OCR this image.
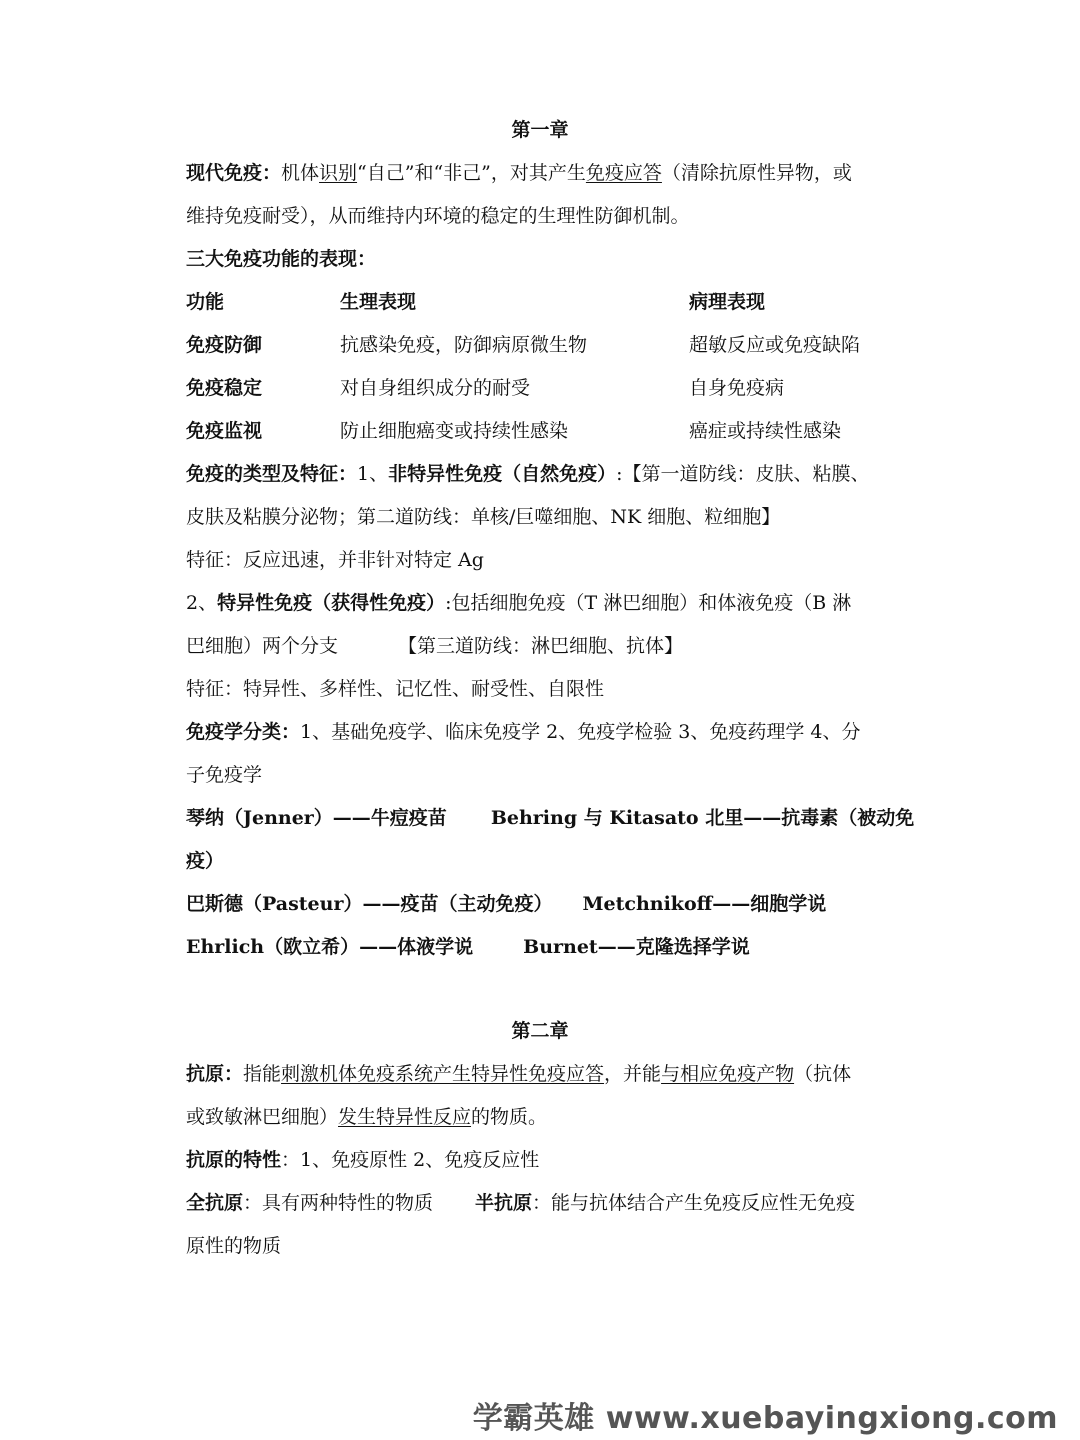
第一章
现代免疫：机体识别“自己”和“非己”，对其产生免疫应答（清除抗原性异物，或
维持免疫耐受），从而维持内环境的稳定的生理性防御机制。
三大免疫功能的表现：
功能	生理表现	病理表现
免疫防御	抗感染免疫，防御病原微生物	超敏反应或免疫缺陷
免疫稳定	对自身组织成分的耐受	自身免疫病
免疫监视	防止细胞癌变或持续性感染	癌症或持续性感染
免疫的类型及特征：1、非特异性免疫（自然免疫）:【第一道防线：皮肤、粘膜、
皮肤及粘膜分泌物；第二道防线：单核/巨噬细胞、NK 细胞、粒细胞】
特征：反应迅速，并非针对特定 Ag
2、特异性免疫（获得性免疫）:包括细胞免疫（T 淋巴细胞）和体液免疫（B 淋
巴细胞）两个分支	【第三道防线：淋巴细胞、抗体】
特征：特异性、多样性、记忆性、耐受性、自限性
免疫学分类：1、基础免疫学、临床免疫学 2、免疫学检验 3、免疫药理学 4、分
子免疫学
琴纳（Jenner）——牛痘疫苗 Behring 与 Kitasato 北里——抗毒素（被动免
疫）
巴斯德（Pasteur）——疫苗（主动免疫） Metchnikoff——细胞学说
Ehrlich（欧立希）——体液学说	Burnet——克隆选择学说
第二章
抗原：指能刺激机体免疫系统产生特异性免疫应答，并能与相应免疫产物（抗体
或致敏淋巴细胞）发生特异性反应的物质。
抗原的特性：1、免疫原性 2、免疫反应性
全抗原：具有两种特性的物质 半抗原：能与抗体结合产生免疫反应性无免疫
原性的物质
学霸英雄 www.xuebayingxiong.com
